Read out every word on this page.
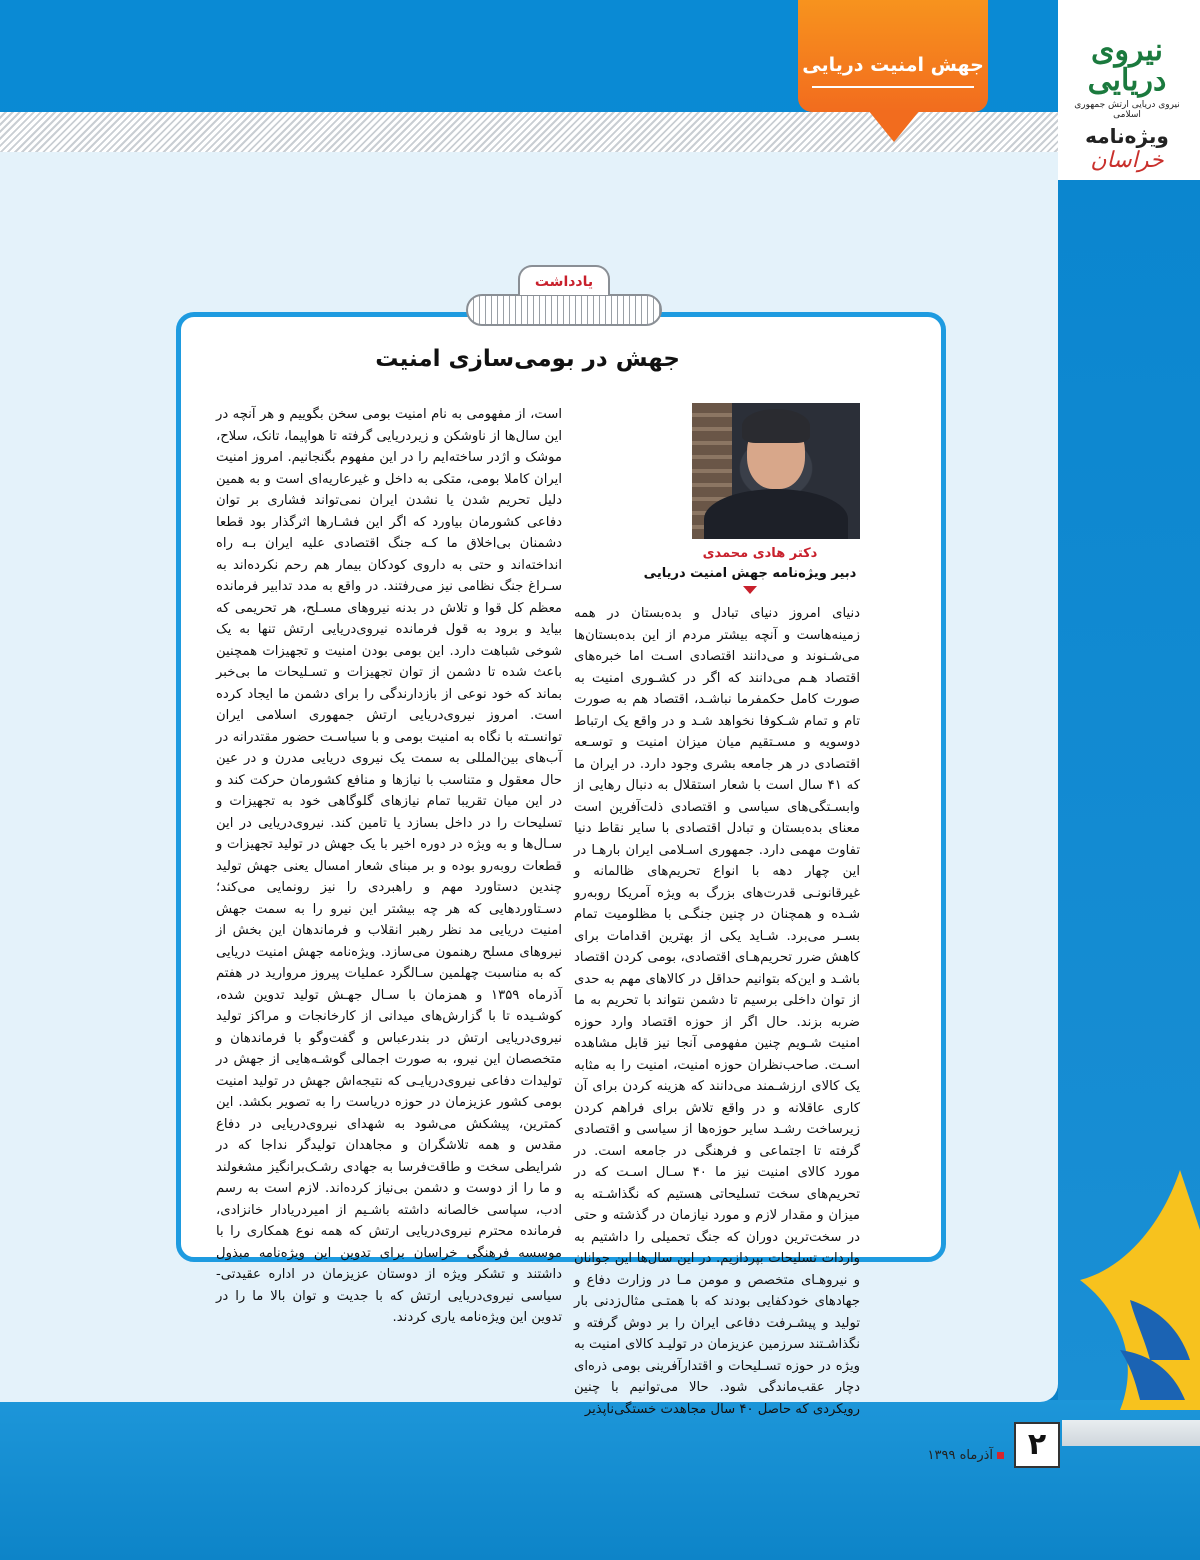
نیروی دریایی
نیروی دریایی ارتش جمهوری اسلامی
ویژه‌نامه
خراسان
جهش امنیت دریایی
یادداشت
جهش در بومی‌سازی امنیت
دکتر هادی محمدی
دبیر ویژه‌نامه جهش امنیت دریایی
دنیای امروز دنیای تبادل و بده‌بستان در همه زمینه‌هاست و آنچه بیشتر مردم از این بده‌بستان‌ها می‌شـنوند و می‌دانند اقتصادی اسـت اما خبره‌های اقتصاد هـم می‌دانند که اگر در کشـوری امنیت به صورت کامل حکمفرما نباشـد، اقتصاد هم به صورت تام و تمام شـکوفا نخواهد شـد و در واقع یک ارتباط دوسویه و مسـتقیم میان میزان امنیت و توسـعه اقتصادی در هر جامعه بشری وجود دارد. در ایران ما که ۴۱ سال است با شعار استقلال به دنبال رهایی از وابسـتگی‌های سیاسی و اقتصادی ذلت‌آفرین است معنای بده‌بستان و تبادل اقتصادی با سایر نقاط دنیا تفاوت مهمی دارد. جمهوری اسـلامی ایران بارهـا در این چهار دهه با انواع تحریم‌های ظالمانه و غیرقانونـی قدرت‌های بزرگ به ویژه آمریکا روبه‌رو شـده و همچنان در چنین جنگـی با مظلومیت تمام بسـر می‌برد. شـاید یکی از بهترین اقدامات برای کاهش ضرر تحریم‌هـای اقتصادی، بومی کردن اقتصاد باشـد و این‌که بتوانیم حداقل در کالاهای مهم به حدی از توان داخلی برسیم تا دشمن نتواند با تحریم به ما ضربه بزند. حال اگر از حوزه اقتصاد وارد حوزه امنیت شـویم چنین مفهومی آنجا نیز قابل مشاهده اسـت. صاحب‌نظران حوزه امنیت، امنیت را به مثابه یک کالای ارزشـمند می‌دانند که هزینه کردن برای آن کاری عاقلانه و در واقع تلاش برای فراهم کردن زیرساخت رشـد سایر حوزه‌ها از سیاسی و اقتصادی گرفته تا اجتماعی و فرهنگی در جامعه است. در مورد کالای امنیت نیز ما ۴۰ سـال اسـت که در تحریم‌های سخت تسلیحاتی هستیم که نگذاشـته به میزان و مقدار لازم و مورد نیازمان در گذشته و حتی در سخت‌ترین دوران که جنگ تحمیلی را داشتیم به واردات تسلیحات بپردازیم. در این سال‌ها این جوانان و نیروهـای متخصص و مومن مـا در وزارت دفاع و جهادهای خودکفایی بودند که با همتـی مثال‌زدنی بار تولید و پیشـرفت دفاعی ایران را بر دوش گرفته و نگذاشـتند سرزمین عزیزمان در تولیـد کالای امنیت به ویژه در حوزه تسـلیحات و اقتدارآفرینی بومی ذره‌ای دچار عقب‌ماندگی شود. حالا می‌توانیم با چنین رویکردی که حاصل ۴۰ سال مجاهدت خستگی‌ناپذیر
است، از مفهومی به نام امنیت بومی سخن بگوییم و هر آنچه در این سال‌ها از ناوشکن و زیردریایی گرفته تا هواپیما، تانک، سلاح، موشک و اژدر ساخته‌ایم را در این مفهوم بگنجانیم. امروز امنیت ایران کاملا بومی، متکی به داخل و غیرعاریه‌ای است و به همین دلیل تحریم شدن یا نشدن ایران نمی‌تواند فشاری بر توان دفاعی کشورمان بیاورد که اگر این فشـارها اثرگذار بود قطعا دشمنان بی‌اخلاق ما کـه جنگ اقتصادی علیه ایران بـه راه انداخته‌اند و حتی به داروی کودکان بیمار هم رحم نکرده‌اند به سـراغ جنگ نظامی نیز می‌رفتند. در واقع به مدد تدابیر فرمانده معظم کل قوا و تلاش در بدنه نیروهای مسـلح، هر تحریمی که بیاید و برود به قول فرمانده نیروی‌دریایی ارتش تنها به یک شوخی شباهت دارد. این بومی بودن امنیت و تجهیزات همچنین باعث شده تا دشمن از توان تجهیزات و تسـلیحات ما بی‌خبر بماند که خود نوعی از بازدارندگی را برای دشمن ما ایجاد کرده است. امروز نیروی‌دریایی ارتش جمهوری اسلامی ایران توانسـته با نگاه به امنیت بومی و با سیاسـت حضور مقتدرانه در آب‌های بین‌المللی به سمت یک نیروی دریایی مدرن و در عین حال معقول و متناسب با نیازها و منافع کشورمان حرکت کند و در این میان تقریبا تمام نیازهای گلوگاهی خود به تجهیزات و تسلیحات را در داخل بسازد یا تامین کند. نیروی‌دریایی در این سـال‌ها و به ویژه در دوره اخیر با یک جهش در تولید تجهیزات و قطعات روبه‌رو بوده و بر مبنای شعار امسال یعنی جهش تولید چندین دستاورد مهم و راهبردی را نیز رونمایی می‌کند؛ دسـتاوردهایی که هر چه بیشتر این نیرو را به سمت جهش امنیت دریایی مد نظر رهبر انقلاب و فرماندهان این بخش از نیروهای مسلح رهنمون می‌سازد. ویژه‌نامه جهش امنیت دریایی که به مناسبت چهلمین سـالگرد عملیات پیروز مروارید در هفتم آذرماه ۱۳۵۹ و همزمان با سـال جهـش تولید تدوین شده، کوشـیده تا با گزارش‌های میدانی از کارخانجات و مراکز تولید نیروی‌دریایی ارتش در بندرعباس و گفت‌وگو با فرماندهان و متخصصان این نیرو، به صورت اجمالی گوشـه‌هایی از جهش در تولیدات دفاعی نیروی‌دریایـی که نتیجه‌اش جهش در تولید امنیت بومی کشور عزیزمان در حوزه دریاست را به تصویر بکشد. این کمترین، پیشکش می‌شود به شهدای نیروی‌دریایی در دفاع مقدس و همه تلاشگران و مجاهدان تولیدگر ندا‌جا که در شرایطی سخت و طاقت‌فرسا به جهادی رشـک‌برانگیز مشغولند و ما را از دوست و دشمن بی‌نیاز کرده‌اند. لازم است به رسم ادب، سپاسی خالصانه داشته باشـیم از امیردریادار خانزادی، فرمانده محترم نیروی‌دریایی ارتش که همه نوع همکاری را با موسسه فرهنگی خراسان برای تدوین این ویژه‌نامه مبذول داشتند و تشکر ویژه از دوستان عزیزمان در اداره عقیدتی-سیاسی نیروی‌دریایی ارتش که با جدیت و توان بالا ما را در تدوین این ویژه‌نامه یاری کردند.
۲
آذرماه ۱۳۹۹
